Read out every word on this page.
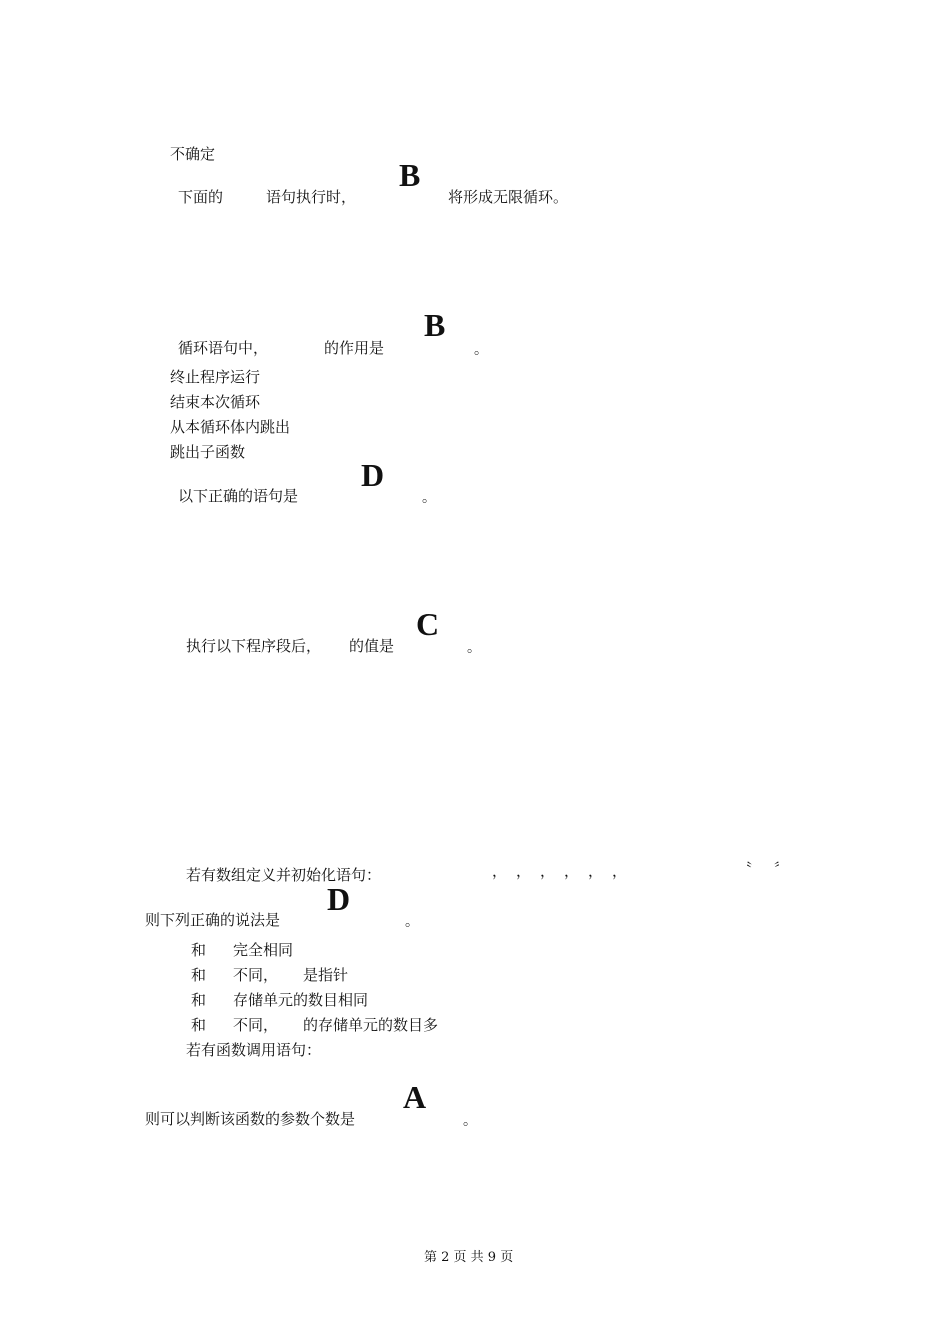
不确定
下面的	语句执行时，
B
将形成无限循环。
循环语句中，	的作用是
B
。
终止程序运行
结束本次循环
从本循环体内跳出
跳出子函数
以下正确的语句是
D
。
执行以下程序段后， 的值是
C
。
若有数组定义并初始化语句：	， ， ， ， ， ，	〝 〞
则下列正确的说法是
D
。
和 完全相同
和 不同， 是指针
和 存储单元的数目相同
和 不同， 的存储单元的数目多
若有函数调用语句：
则可以判断该函数的参数个数是
A
。
第 2 页 共 9 页
